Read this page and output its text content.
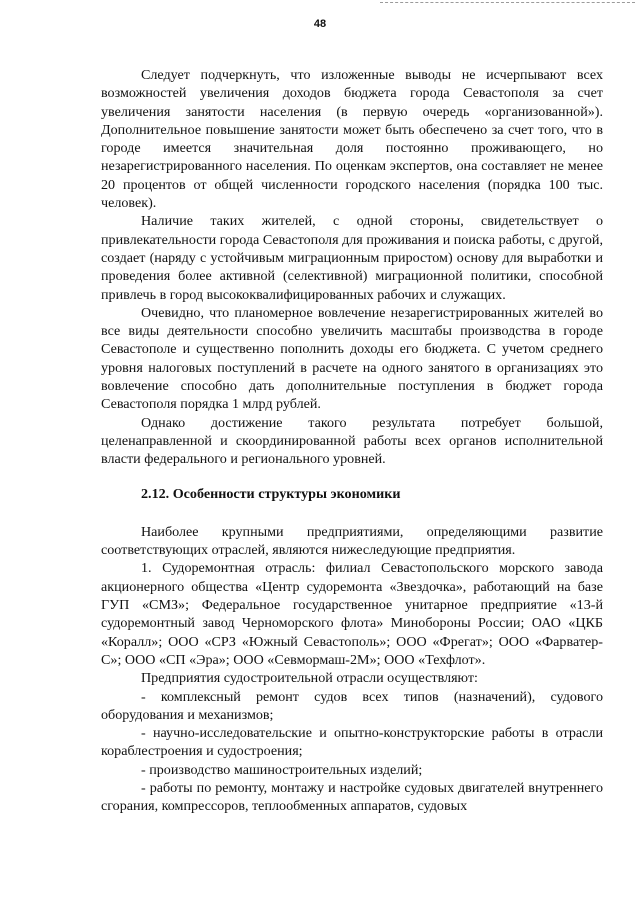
48

Следует подчеркнуть, что изложенные выводы не исчерпывают всех возможностей увеличения доходов бюджета города Севастополя за счет увеличения занятости населения (в первую очередь «организованной»). Дополнительное повышение занятости может быть обеспечено за счет того, что в городе имеется значительная доля постоянно проживающего, но незарегистрированного населения. По оценкам экспертов, она составляет не менее 20 процентов от общей численности городского населения (порядка 100 тыс. человек).

Наличие таких жителей, с одной стороны, свидетельствует о привлекательности города Севастополя для проживания и поиска работы, с другой, создает (наряду с устойчивым миграционным приростом) основу для выработки и проведения более активной (селективной) миграционной политики, способной привлечь в город высококвалифицированных рабочих и служащих.

Очевидно, что планомерное вовлечение незарегистрированных жителей во все виды деятельности способно увеличить масштабы производства в городе Севастополе и существенно пополнить доходы его бюджета. С учетом среднего уровня налоговых поступлений в расчете на одного занятого в организациях это вовлечение способно дать дополнительные поступления в бюджет города Севастополя порядка 1 млрд рублей.

Однако достижение такого результата потребует большой, целенаправленной и скоординированной работы всех органов исполнительной власти федерального и регионального уровней.

2.12. Особенности структуры экономики

Наиболее крупными предприятиями, определяющими развитие соответствующих отраслей, являются нижеследующие предприятия.

1. Судоремонтная отрасль: филиал Севастопольского морского завода акционерного общества «Центр судоремонта «Звездочка», работающий на базе ГУП «СМЗ»; Федеральное государственное унитарное предприятие «13-й судоремонтный завод Черноморского флота» Минобороны России; ОАО «ЦКБ «Коралл»; ООО «СРЗ «Южный Севастополь»; ООО «Фрегат»; ООО «Фарватер-С»; ООО «СП «Эра»; ООО «Севмормаш-2М»; ООО «Техфлот».

Предприятия судостроительной отрасли осуществляют:

- комплексный ремонт судов всех типов (назначений), судового оборудования и механизмов;

- научно-исследовательские и опытно-конструкторские работы в отрасли кораблестроения и судостроения;

- производство машиностроительных изделий;

- работы по ремонту, монтажу и настройке судовых двигателей внутреннего сгорания, компрессоров, теплообменных аппаратов, судовых
